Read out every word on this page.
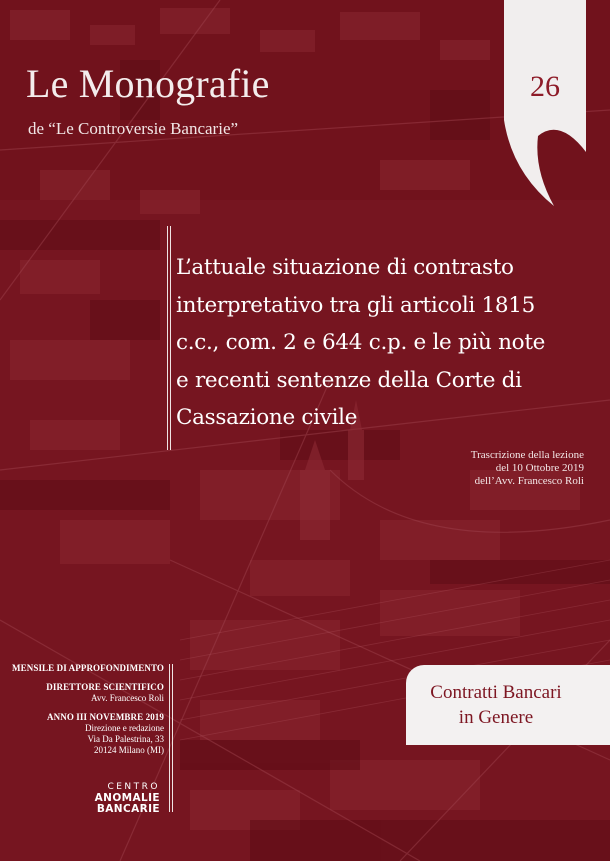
Le Monografie
de “Le Controversie Bancarie”
26
L’attuale situazione di contrasto
interpretativo tra gli articoli 1815
c.c., com. 2 e 644 c.p. e le più note
e recenti sentenze della Corte di
Cassazione civile
Trascrizione della lezione
del 10 Ottobre 2019
dell’Avv. Francesco Roli
MENSILE DI APPROFONDIMENTO
DIRETTORE SCIENTIFICO
Avv. Francesco Roli
ANNO III NOVEMBRE 2019
Direzione e redazione
Via Da Palestrina, 33
20124 Milano (MI)
CENTRO
ANOMALIE
BANCARIE
Contratti Bancari
in Genere
